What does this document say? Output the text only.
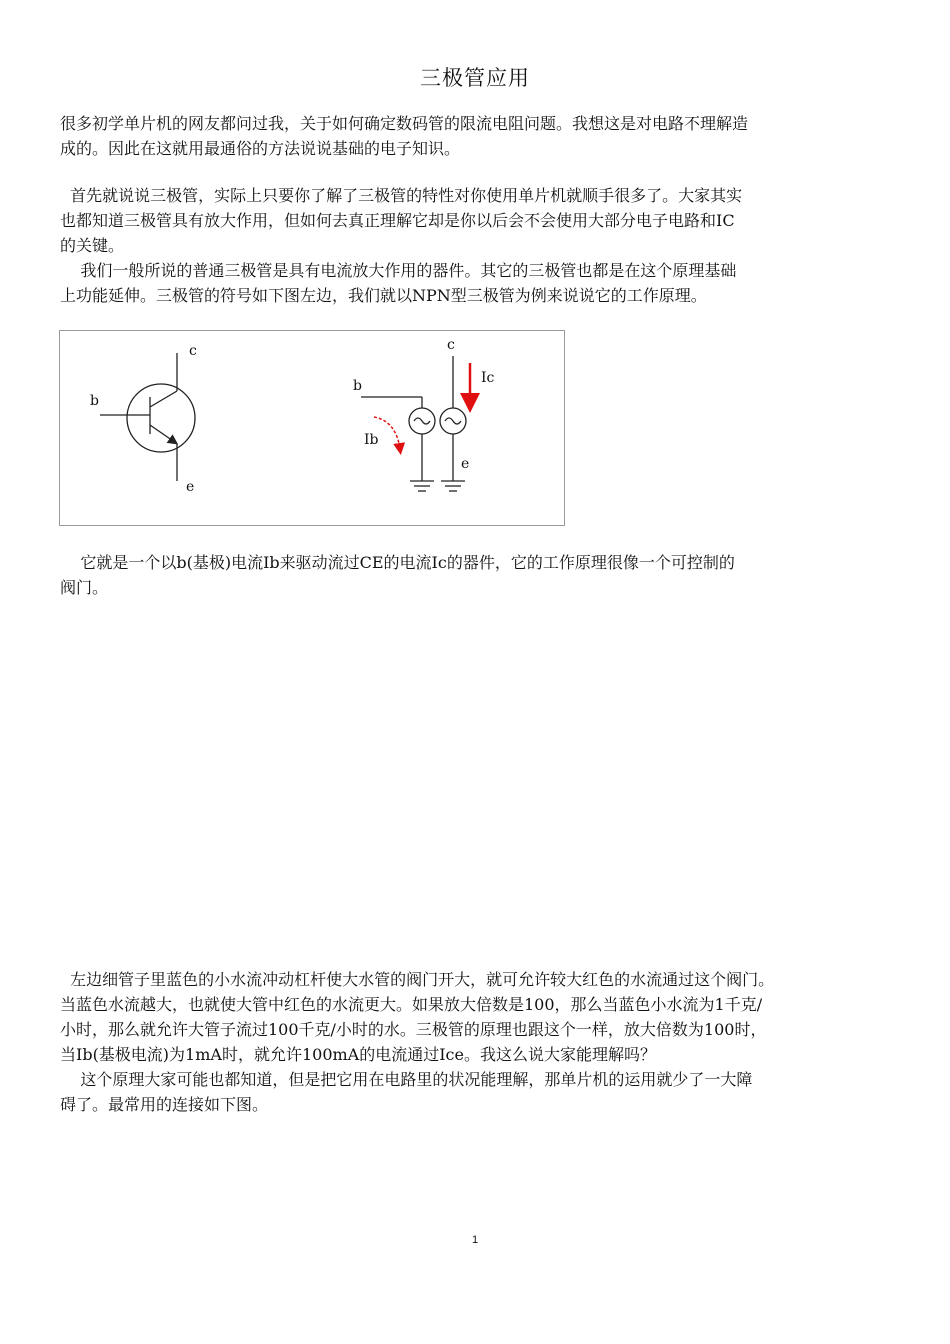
三极管应用

很多初学单片机的网友都问过我，关于如何确定数码管的限流电阻问题。我想这是对电路不理解造
成的。因此在这就用最通俗的方法说说基础的电子知识。

首先就说说三极管，实际上只要你了解了三极管的特性对你使用单片机就顺手很多了。大家其实
也都知道三极管具有放大作用，但如何去真正理解它却是你以后会不会使用大部分电子电路和IC
的关键。

我们一般所说的普通三极管是具有电流放大作用的器件。其它的三极管也都是在这个原理基础
上功能延伸。三极管的符号如下图左边，我们就以NPN型三极管为例来说说它的工作原理。

c
b
e
c
b
e
Ic
Ib

它就是一个以b(基极)电流Ib来驱动流过CE的电流Ic的器件，它的工作原理很像一个可控制的
阀门。

左边细管子里蓝色的小水流冲动杠杆使大水管的阀门开大，就可允许较大红色的水流通过这个阀门。
当蓝色水流越大，也就使大管中红色的水流更大。如果放大倍数是100，那么当蓝色小水流为1千克/
小时，那么就允许大管子流过100千克/小时的水。三极管的原理也跟这个一样，放大倍数为100时，
当Ib(基极电流)为1mA时，就允许100mA的电流通过Ice。我这么说大家能理解吗？

这个原理大家可能也都知道，但是把它用在电路里的状况能理解，那单片机的运用就少了一大障
碍了。最常用的连接如下图。

1
